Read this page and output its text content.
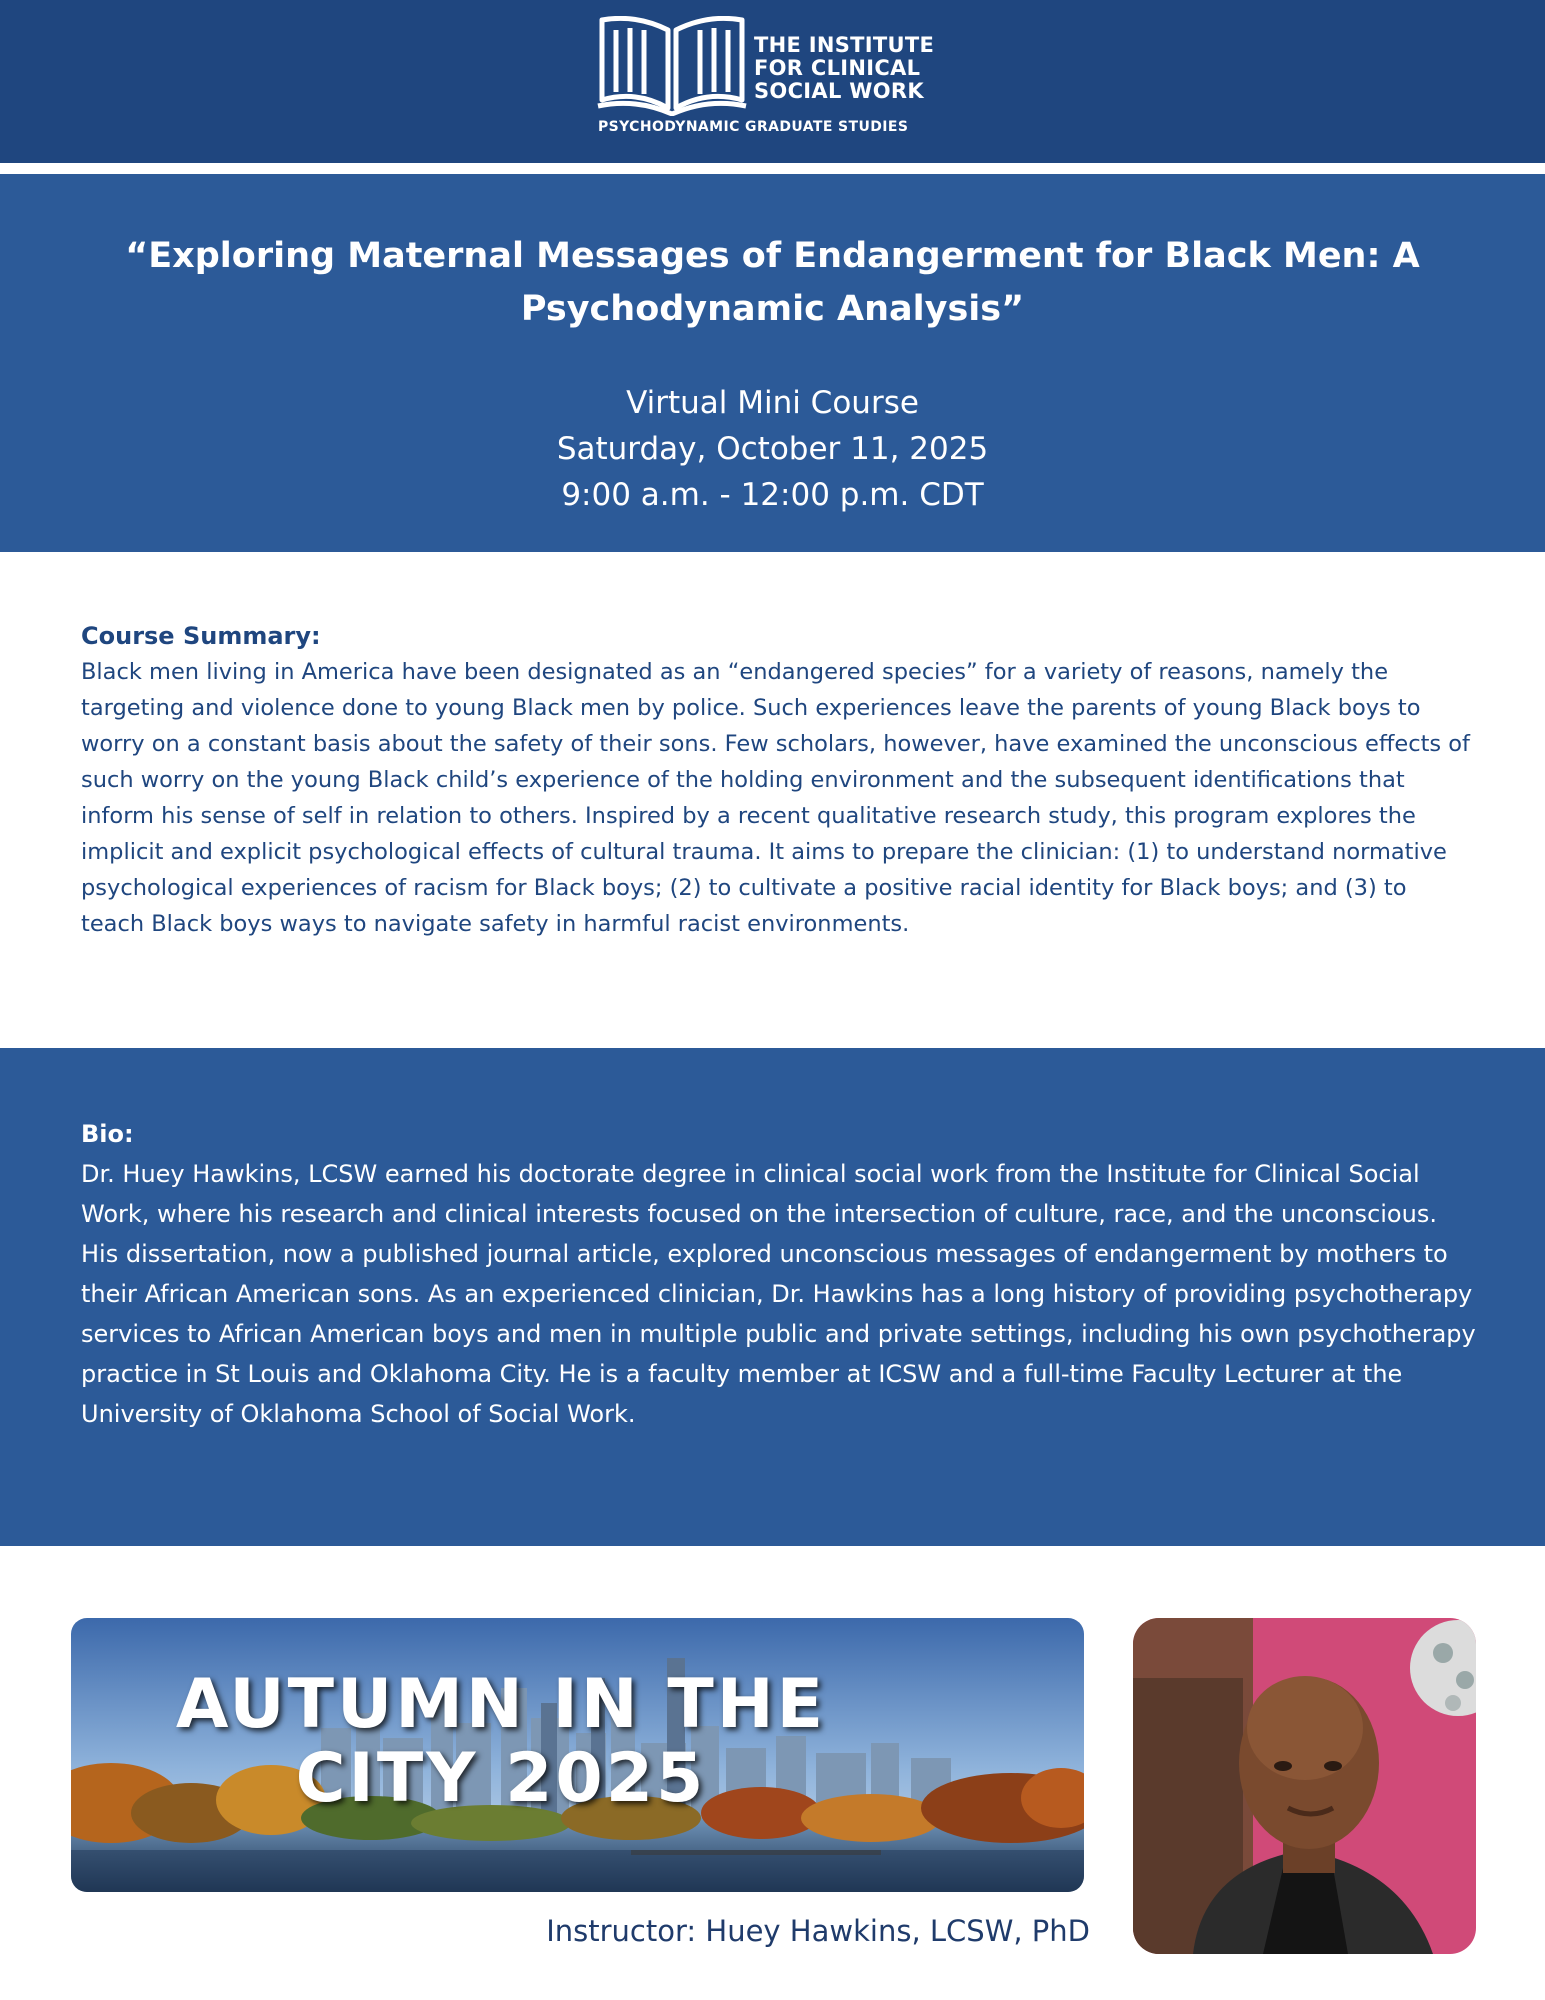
THE INSTITUTE
FOR CLINICAL
SOCIAL WORK
PSYCHODYNAMIC GRADUATE STUDIES
“Exploring Maternal Messages of Endangerment for Black Men: A Psychodynamic Analysis”
Virtual Mini Course
Saturday, October 11, 2025
9:00 a.m. - 12:00 p.m. CDT
Course Summary:

Black men living in America have been designated as an “endangered species” for a variety of reasons, namely the targeting and violence done to young Black men by police. Such experiences leave the parents of young Black boys to worry on a constant basis about the safety of their sons. Few scholars, however, have examined the unconscious effects of such worry on the young Black child’s experience of the holding environment and the subsequent identifications that inform his sense of self in relation to others. Inspired by a recent qualitative research study, this program explores the implicit and explicit psychological effects of cultural trauma. It aims to prepare the clinician: (1) to understand normative psychological experiences of racism for Black boys; (2) to cultivate a positive racial identity for Black boys; and (3) to teach Black boys ways to navigate safety in harmful racist environments.

Bio:

Dr. Huey Hawkins, LCSW earned his doctorate degree in clinical social work from the Institute for Clinical Social Work, where his research and clinical interests focused on the intersection of culture, race, and the unconscious. His dissertation, now a published journal article, explored unconscious messages of endangerment by mothers to their African American sons. As an experienced clinician, Dr. Hawkins has a long history of providing psychotherapy services to African American boys and men in multiple public and private settings, including his own psychotherapy practice in St Louis and Oklahoma City. He is a faculty member at ICSW and a full-time Faculty Lecturer at the University of Oklahoma School of Social Work.

AUTUMN IN THE
CITY 2025
Instructor: Huey Hawkins, LCSW, PhD
